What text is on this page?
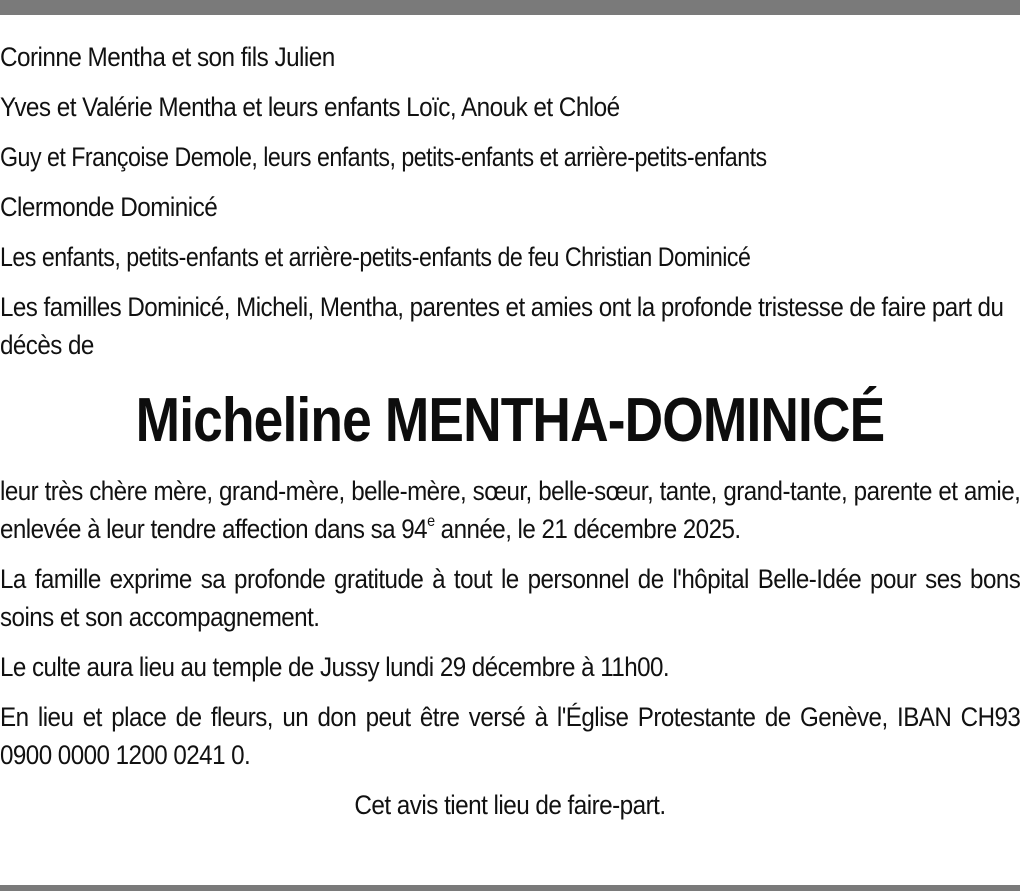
Corinne Mentha et son fils Julien
Yves et Valérie Mentha et leurs enfants Loïc, Anouk et Chloé
Guy et Françoise Demole, leurs enfants, petits-enfants et arrière-petits-enfants
Clermonde Dominicé
Les enfants, petits-enfants et arrière-petits-enfants de feu Christian Dominicé

Les familles Dominicé, Micheli, Mentha, parentes et amies ont la profonde tristesse de faire part du décès de

Micheline MENTHA-DOMINICÉ

leur très chère mère, grand-mère, belle-mère, sœur, belle-sœur, tante, grand-tante, parente et amie, enlevée à leur tendre affection dans sa 94e année, le 21 décembre 2025.

La famille exprime sa profonde gratitude à tout le personnel de l'hôpital Belle-Idée pour ses bons soins et son accompagnement.

Le culte aura lieu au temple de Jussy lundi 29 décembre à 11h00.

En lieu et place de fleurs, un don peut être versé à l'Église Protestante de Genève, IBAN CH93 0900 0000 1200 0241 0.

Cet avis tient lieu de faire-part.
